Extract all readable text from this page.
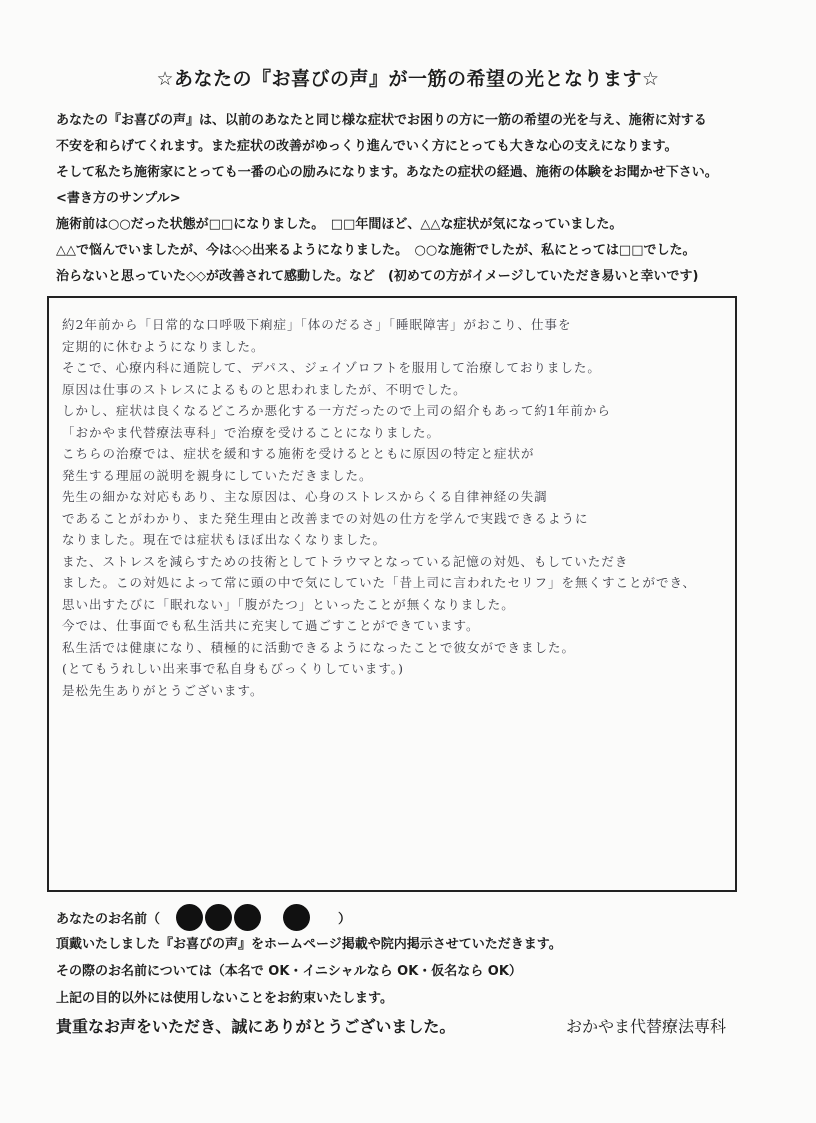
☆あなたの『お喜びの声』が一筋の希望の光となります☆
あなたの『お喜びの声』は、以前のあなたと同じ様な症状でお困りの方に一筋の希望の光を与え、施術に対する
不安を和らげてくれます。また症状の改善がゆっくり進んでいく方にとっても大きな心の支えになります。
そして私たち施術家にとっても一番の心の励みになります。あなたの症状の経過、施術の体験をお聞かせ下さい。
<書き方のサンプル>
施術前は○○だった状態が□□になりました。　□□年間ほど、△△な症状が気になっていました。
△△で悩んでいましたが、今は◇◇出来るようになりました。　○○な施術でしたが、私にとっては□□でした。
治らないと思っていた◇◇が改善されて感動した。など　(初めての方がイメージしていただき易いと幸いです)
約2年前から「日常的な口呼吸下痢症」「体のだるさ」「睡眠障害」がおこり、仕事を
定期的に休むようになりました。
そこで、心療内科に通院して、デパス、ジェイゾロフトを服用して治療しておりました。
原因は仕事のストレスによるものと思われましたが、不明でした。
しかし、症状は良くなるどころか悪化する一方だったので上司の紹介もあって約1年前から
「おかやま代替療法専科」で治療を受けることになりました。
こちらの治療では、症状を緩和する施術を受けるとともに原因の特定と症状が
発生する理屈の説明を親身にしていただきました。
先生の細かな対応もあり、主な原因は、心身のストレスからくる自律神経の失調
であることがわかり、また発生理由と改善までの対処の仕方を学んで実践できるように
なりました。現在では症状もほぼ出なくなりました。
また、ストレスを減らすための技術としてトラウマとなっている記憶の対処、もしていただき
ました。この対処によって常に頭の中で気にしていた「昔上司に言われたセリフ」を無くすことができ、
思い出すたびに「眠れない」「腹がたつ」といったことが無くなりました。
今では、仕事面でも私生活共に充実して過ごすことができています。
私生活では健康になり、積極的に活動できるようになったことで彼女ができました。
(とてもうれしい出来事で私自身もびっくりしています。)
是松先生ありがとうございます。
あなたのお名前（	）
頂戴いたしました『お喜びの声』をホームページ掲載や院内掲示させていただきます。
その際のお名前については（本名で OK・イニシャルなら OK・仮名なら OK）
上記の目的以外には使用しないことをお約束いたします。
貴重なお声をいただき、誠にありがとうございました。	おかやま代替療法専科
